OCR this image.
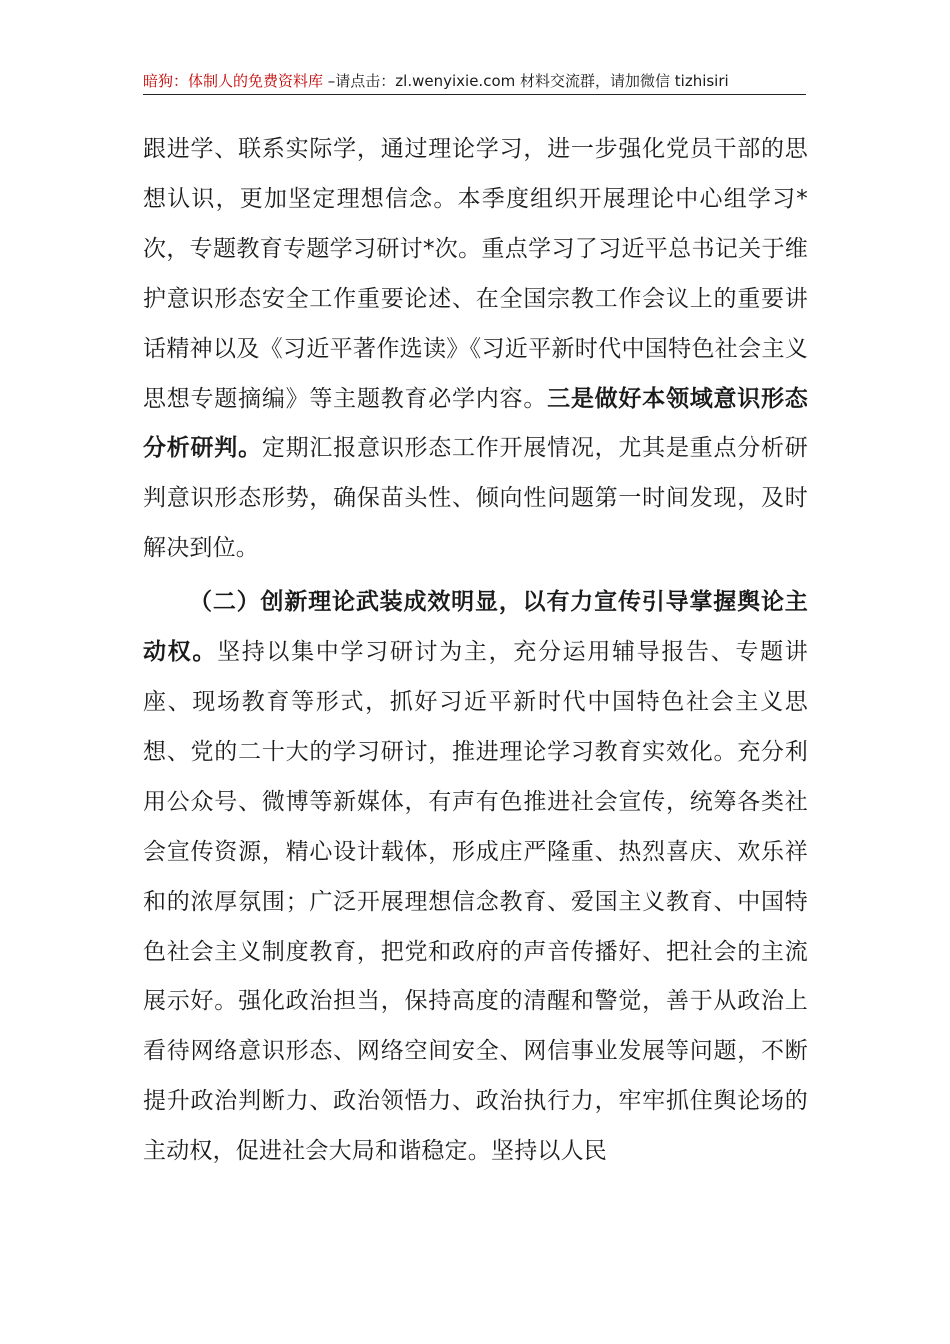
暗狗：体制人的免费资料库 –请点击：zl.wenyixie.com 材料交流群，请加微信 tizhisiri

跟进学、联系实际学，通过理论学习，进一步强化党员干部的思想认识，更加坚定理想信念。本季度组织开展理论中心组学习*次，专题教育专题学习研讨*次。重点学习了习近平总书记关于维护意识形态安全工作重要论述、在全国宗教工作会议上的重要讲话精神以及《习近平著作选读》《习近平新时代中国特色社会主义思想专题摘编》等主题教育必学内容。三是做好本领域意识形态分析研判。定期汇报意识形态工作开展情况，尤其是重点分析研判意识形态形势，确保苗头性、倾向性问题第一时间发现，及时解决到位。

（二）创新理论武装成效明显，以有力宣传引导掌握舆论主动权。坚持以集中学习研讨为主，充分运用辅导报告、专题讲座、现场教育等形式，抓好习近平新时代中国特色社会主义思想、党的二十大的学习研讨，推进理论学习教育实效化。充分利用公众号、微博等新媒体，有声有色推进社会宣传，统筹各类社会宣传资源，精心设计载体，形成庄严隆重、热烈喜庆、欢乐祥和的浓厚氛围；广泛开展理想信念教育、爱国主义教育、中国特色社会主义制度教育，把党和政府的声音传播好、把社会的主流展示好。强化政治担当，保持高度的清醒和警觉，善于从政治上看待网络意识形态、网络空间安全、网信事业发展等问题，不断提升政治判断力、政治领悟力、政治执行力，牢牢抓住舆论场的主动权，促进社会大局和谐稳定。坚持以人民
